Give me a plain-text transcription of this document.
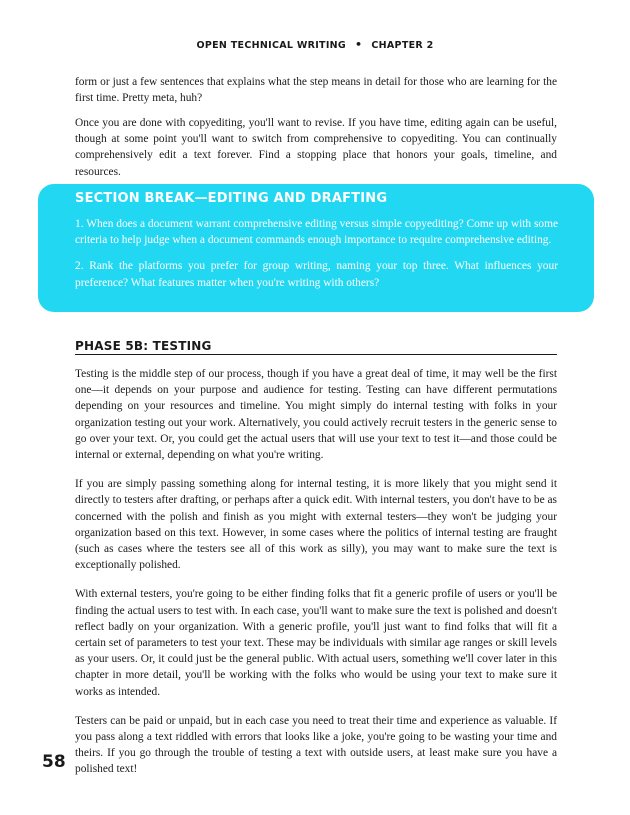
OPEN TECHNICAL WRITING • CHAPTER 2

form or just a few sentences that explains what the step means in detail for those who are learning for the first time. Pretty meta, huh?

Once you are done with copyediting, you'll want to revise. If you have time, editing again can be useful, though at some point you'll want to switch from comprehensive to copyediting. You can continually comprehensively edit a text forever. Find a stopping place that honors your goals, timeline, and resources.

SECTION BREAK—EDITING AND DRAFTING

1. When does a document warrant comprehensive editing versus simple copyediting? Come up with some criteria to help judge when a document commands enough importance to require comprehensive editing.

2. Rank the platforms you prefer for group writing, naming your top three. What influences your preference? What features matter when you're writing with others?

PHASE 5B: TESTING

Testing is the middle step of our process, though if you have a great deal of time, it may well be the first one—it depends on your purpose and audience for testing. Testing can have different permutations depending on your resources and timeline. You might simply do internal testing with folks in your organization testing out your work. Alternatively, you could actively recruit testers in the generic sense to go over your text. Or, you could get the actual users that will use your text to test it—and those could be internal or external, depending on what you're writing.

If you are simply passing something along for internal testing, it is more likely that you might send it directly to testers after drafting, or perhaps after a quick edit. With internal testers, you don't have to be as concerned with the polish and finish as you might with external testers—they won't be judging your organization based on this text. However, in some cases where the politics of internal testing are fraught (such as cases where the testers see all of this work as silly), you may want to make sure the text is exceptionally polished.

With external testers, you're going to be either finding folks that fit a generic profile of users or you'll be finding the actual users to test with. In each case, you'll want to make sure the text is polished and doesn't reflect badly on your organization. With a generic profile, you'll just want to find folks that will fit a certain set of parameters to test your text. These may be individuals with similar age ranges or skill levels as your users. Or, it could just be the general public. With actual users, something we'll cover later in this chapter in more detail, you'll be working with the folks who would be using your text to make sure it works as intended.

Testers can be paid or unpaid, but in each case you need to treat their time and experience as valuable. If you pass along a text riddled with errors that looks like a joke, you're going to be wasting your time and theirs. If you go through the trouble of testing a text with outside users, at least make sure you have a polished text!

58
